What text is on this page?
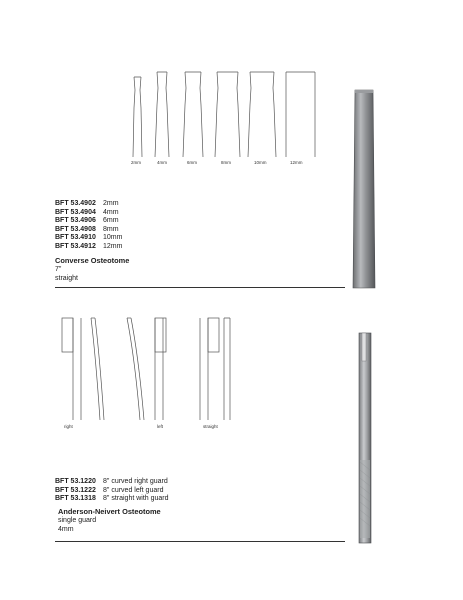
2mm	4mm	6mm	8mm	10mm	12mm
BFT 53.4902	2mm
BFT 53.4904	4mm
BFT 53.4906	6mm
BFT 53.4908	8mm
BFT 53.4910	10mm
BFT 53.4912	12mm
Converse Osteotome
7"
straight
right	left	straight
BFT 53.1220	8" curved right guard
BFT 53.1222	8" curved left guard
BFT 53.1318	8" straight with guard
Anderson-Neivert Osteotome
single guard
4mm
